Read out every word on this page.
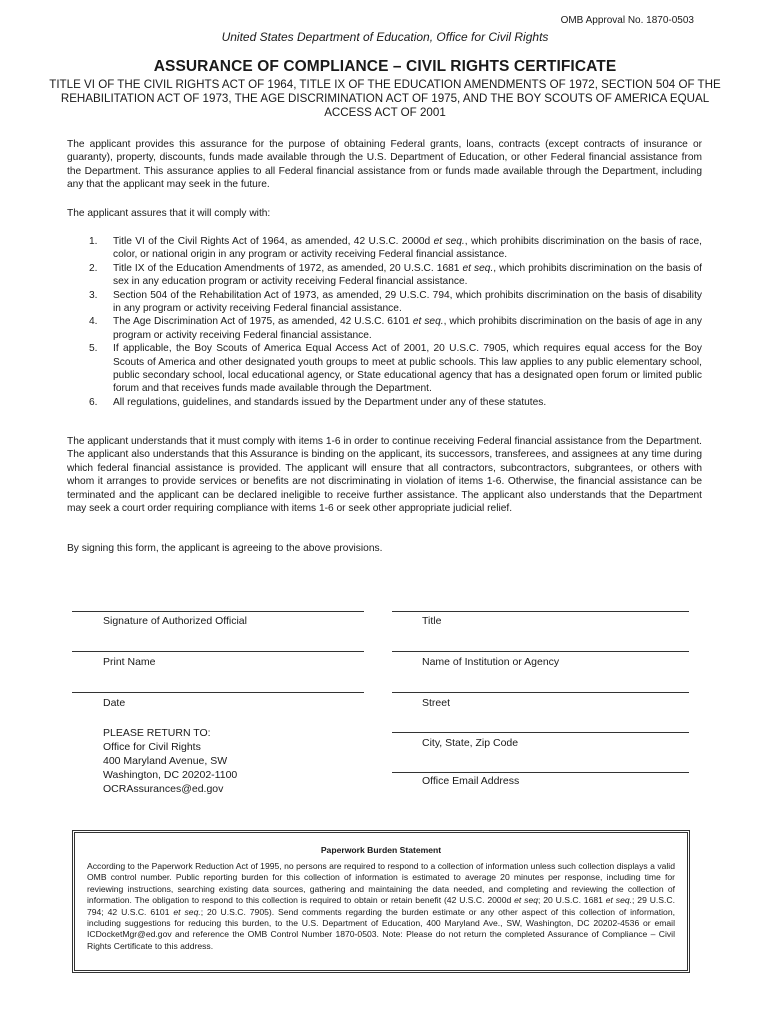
OMB Approval No. 1870-0503
United States Department of Education, Office for Civil Rights
ASSURANCE OF COMPLIANCE – CIVIL RIGHTS CERTIFICATE
TITLE VI OF THE CIVIL RIGHTS ACT OF 1964, TITLE IX OF THE EDUCATION AMENDMENTS OF 1972, SECTION 504 OF THE REHABILITATION ACT OF 1973, THE AGE DISCRIMINATION ACT OF 1975, AND THE BOY SCOUTS OF AMERICA EQUAL ACCESS ACT OF 2001
The applicant provides this assurance for the purpose of obtaining Federal grants, loans, contracts (except contracts of insurance or guaranty), property, discounts, funds made available through the U.S. Department of Education, or other Federal financial assistance from the Department. This assurance applies to all Federal financial assistance from or funds made available through the Department, including any that the applicant may seek in the future.
The applicant assures that it will comply with:
1. Title VI of the Civil Rights Act of 1964, as amended, 42 U.S.C. 2000d et seq., which prohibits discrimination on the basis of race, color, or national origin in any program or activity receiving Federal financial assistance.
2. Title IX of the Education Amendments of 1972, as amended, 20 U.S.C. 1681 et seq., which prohibits discrimination on the basis of sex in any education program or activity receiving Federal financial assistance.
3. Section 504 of the Rehabilitation Act of 1973, as amended, 29 U.S.C. 794, which prohibits discrimination on the basis of disability in any program or activity receiving Federal financial assistance.
4. The Age Discrimination Act of 1975, as amended, 42 U.S.C. 6101 et seq., which prohibits discrimination on the basis of age in any program or activity receiving Federal financial assistance.
5. If applicable, the Boy Scouts of America Equal Access Act of 2001, 20 U.S.C. 7905, which requires equal access for the Boy Scouts of America and other designated youth groups to meet at public schools. This law applies to any public elementary school, public secondary school, local educational agency, or State educational agency that has a designated open forum or limited public forum and that receives funds made available through the Department.
6. All regulations, guidelines, and standards issued by the Department under any of these statutes.
The applicant understands that it must comply with items 1-6 in order to continue receiving Federal financial assistance from the Department. The applicant also understands that this Assurance is binding on the applicant, its successors, transferees, and assignees at any time during which federal financial assistance is provided. The applicant will ensure that all contractors, subcontractors, subgrantees, or others with whom it arranges to provide services or benefits are not discriminating in violation of items 1-6. Otherwise, the financial assistance can be terminated and the applicant can be declared ineligible to receive further assistance. The applicant also understands that the Department may seek a court order requiring compliance with items 1-6 or seek other appropriate judicial relief.
By signing this form, the applicant is agreeing to the above provisions.
Signature of Authorized Official
Print Name
Date
Title
Name of Institution or Agency
Street
City, State, Zip Code
Office Email Address
PLEASE RETURN TO:
Office for Civil Rights
400 Maryland Avenue, SW
Washington, DC 20202-1100
OCRAssurances@ed.gov
Paperwork Burden Statement
According to the Paperwork Reduction Act of 1995, no persons are required to respond to a collection of information unless such collection displays a valid OMB control number. Public reporting burden for this collection of information is estimated to average 20 minutes per response, including time for reviewing instructions, searching existing data sources, gathering and maintaining the data needed, and completing and reviewing the collection of information. The obligation to respond to this collection is required to obtain or retain benefit (42 U.S.C. 2000d et seq; 20 U.S.C. 1681 et seq.; 29 U.S.C. 794; 42 U.S.C. 6101 et seq.; 20 U.S.C. 7905). Send comments regarding the burden estimate or any other aspect of this collection of information, including suggestions for reducing this burden, to the U.S. Department of Education, 400 Maryland Ave., SW, Washington, DC 20202-4536 or email ICDocketMgr@ed.gov and reference the OMB Control Number 1870-0503. Note: Please do not return the completed Assurance of Compliance – Civil Rights Certificate to this address.
